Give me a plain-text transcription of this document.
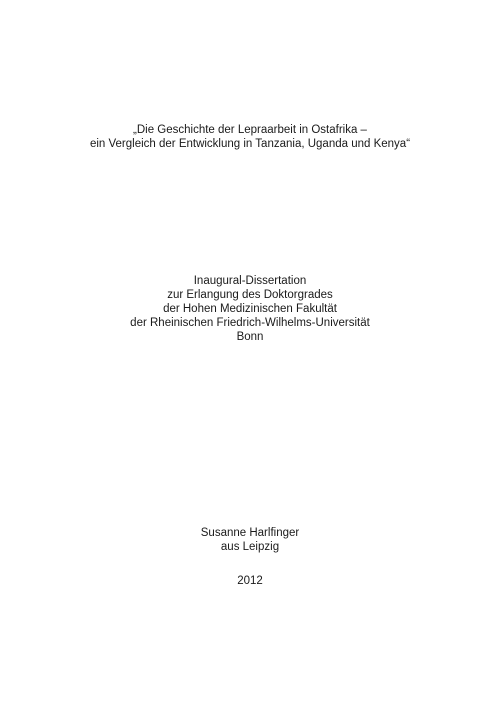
„Die Geschichte der Lepraarbeit in Ostafrika –
ein Vergleich der Entwicklung in Tanzania, Uganda und Kenya“
Inaugural-Dissertation
zur Erlangung des Doktorgrades
der Hohen Medizinischen Fakultät
der Rheinischen Friedrich-Wilhelms-Universität
Bonn
Susanne Harlfinger
aus Leipzig
2012
